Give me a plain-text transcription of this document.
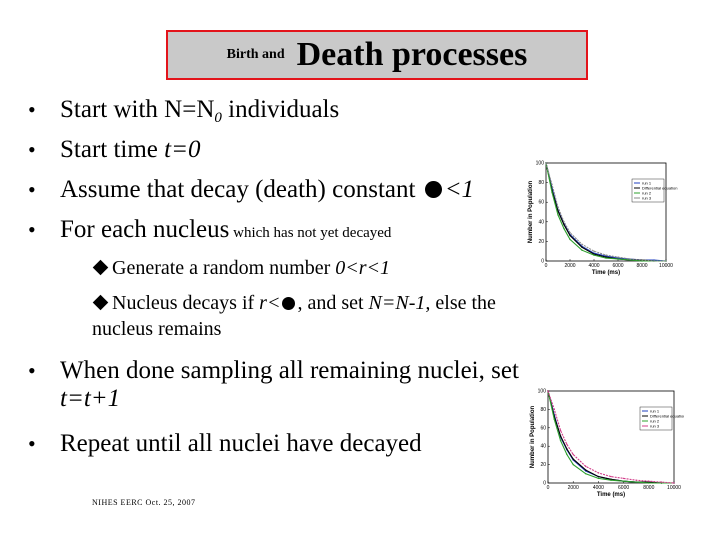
Birth and Death processes
• Start with $N=N_0$ individuals
• Start time t=0
• Assume that decay (death) constant <1
• For each nucleus which has not yet decayed
Generate a random number 0<r<1
Nucleus decays if r< , and set N=N-1, else the
nucleus remains
• When done sampling all remaining nuclei, set
t=t+1
• Repeat until all nuclei have decayed
NIHES EERC Oct. 25, 2007
0	2000	4000	6000	8000 10000
0
20
40
60
80
100
Time (ms)
Number in Population	run 1
Differential equation
run 2
run 3
0	2000	4000	6000	8000	10000
0
20
40
60
80
100
Time (ms)
Number in Population	run 1
Differential equation
run 2
run 3
